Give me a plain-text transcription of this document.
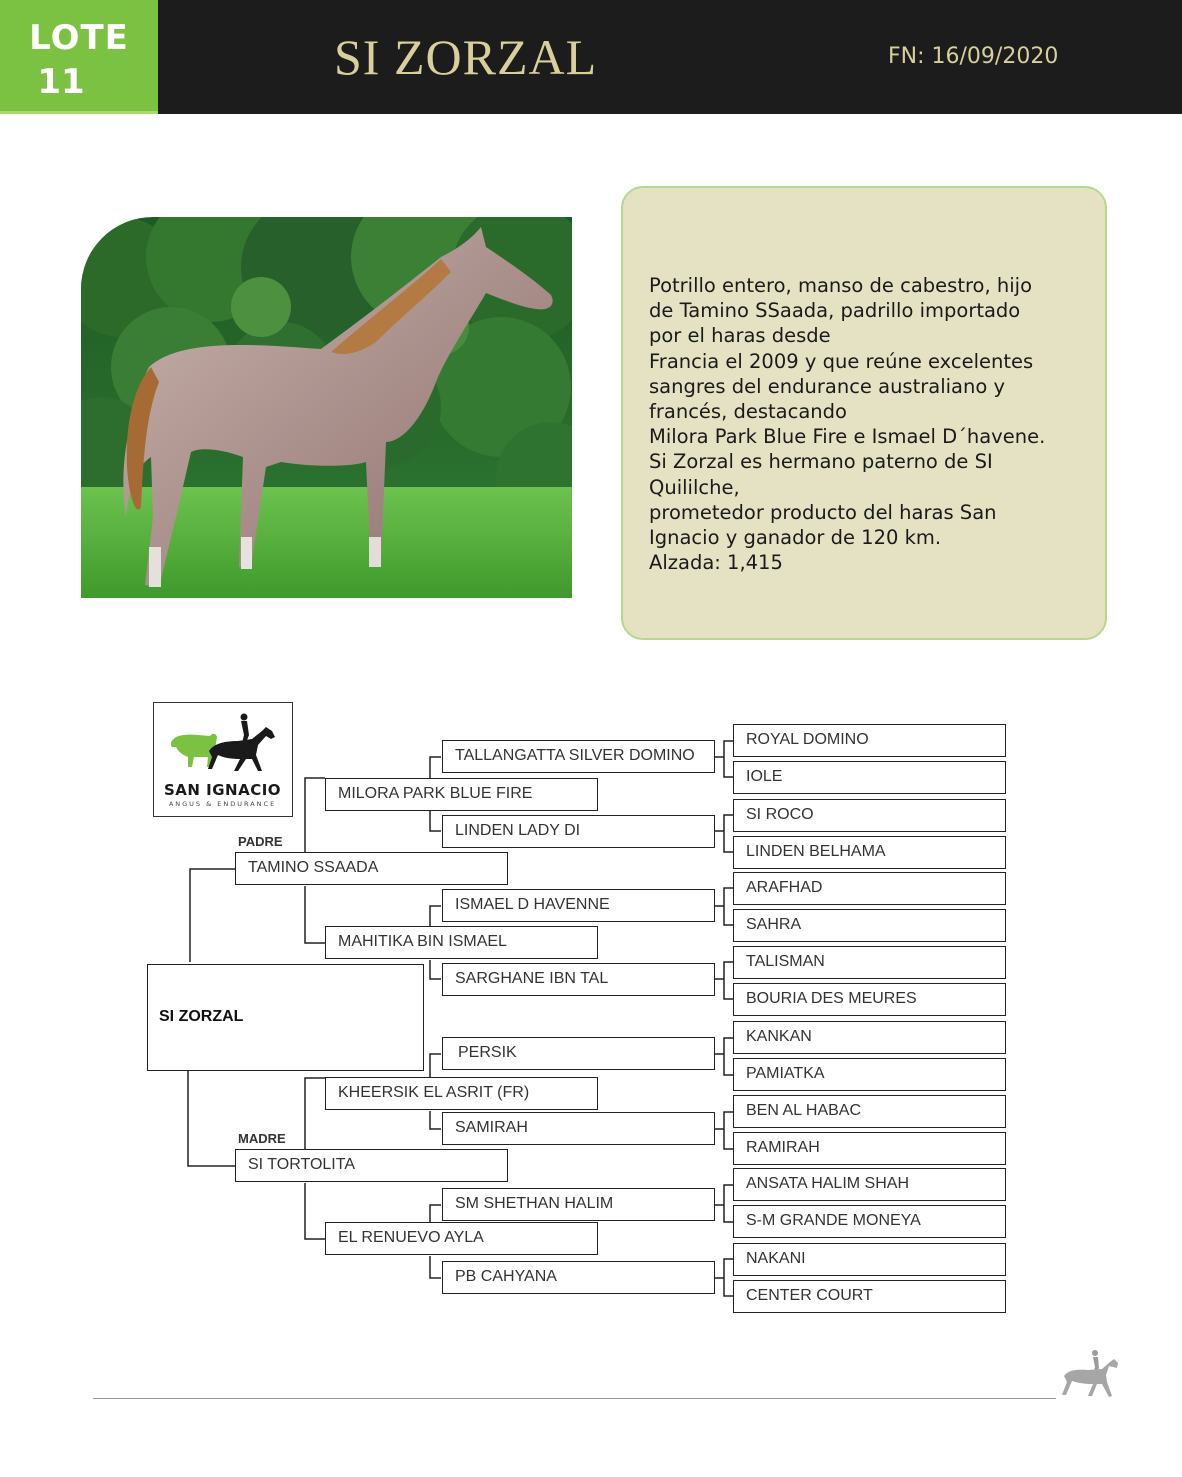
LOTE
11	SI ZORZAL	FN: 16/09/2020
Potrillo entero, manso de cabestro, hijo
de Tamino SSaada, padrillo importado
por el haras desde
Francia el 2009 y que reúne excelentes
sangres del endurance australiano y
francés, destacando
Milora Park Blue Fire e Ismael D´havene.
Si Zorzal es hermano paterno de SI
Quililche,
prometedor producto del haras San
Ignacio y ganador de 120 km.
Alzada: 1,415
SAN IGNACIO
ANGUS & ENDURANCE
PADRE
MADRE
SI ZORZAL
TAMINO SSAADA
SI TORTOLITA
MILORA PARK BLUE FIRE
MAHITIKA BIN ISMAEL
KHEERSIK EL ASRIT (FR)
EL RENUEVO AYLA
TALLANGATTA SILVER DOMINO
LINDEN LADY DI
ISMAEL D HAVENNE
SARGHANE IBN TAL
PERSIK
SAMIRAH
SM SHETHAN HALIM
PB CAHYANA
ROYAL DOMINO
IOLE
SI ROCO
LINDEN BELHAMA
ARAFHAD
SAHRA
TALISMAN
BOURIA DES MEURES
KANKAN
PAMIATKA
BEN AL HABAC
RAMIRAH
ANSATA HALIM SHAH
S-M GRANDE MONEYA
NAKANI
CENTER COURT
